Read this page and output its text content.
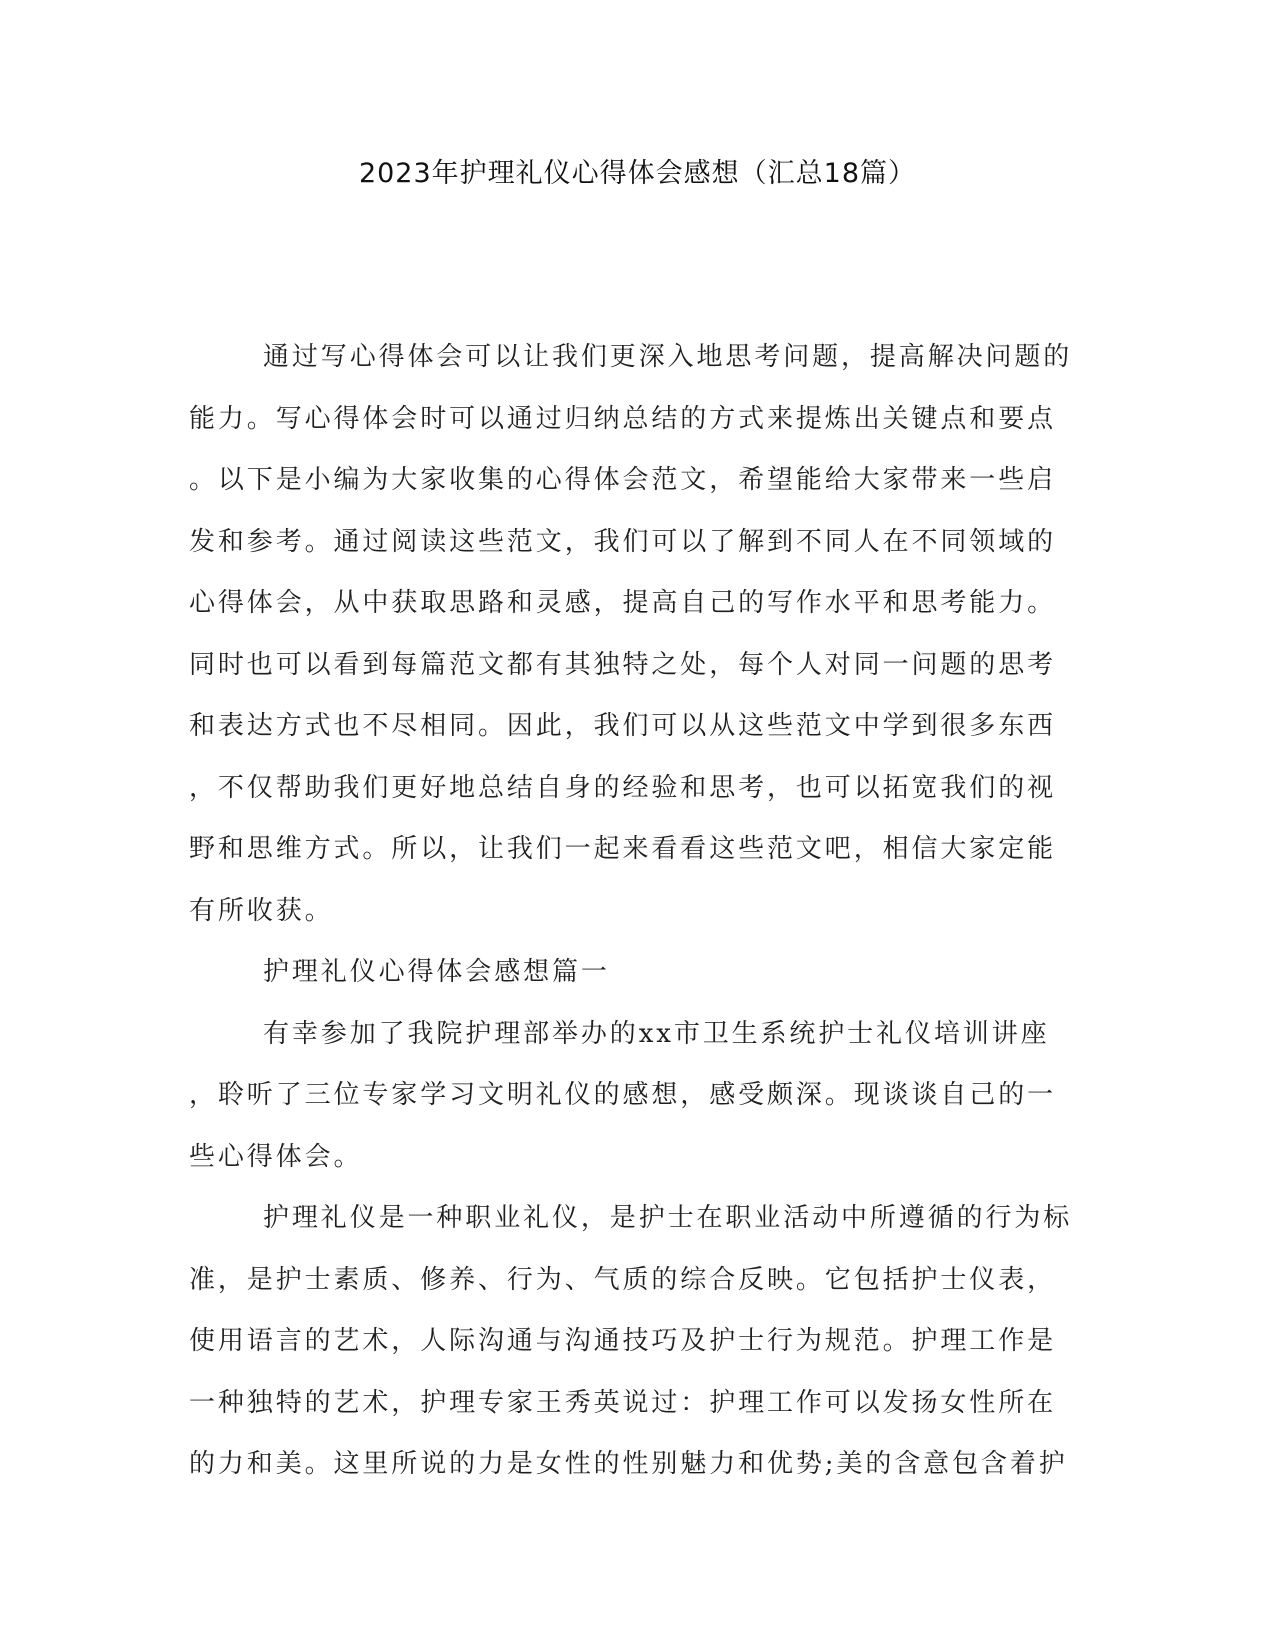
2023年护理礼仪心得体会感想（汇总18篇）
通过写心得体会可以让我们更深入地思考问题，提高解决问题的
能力。写心得体会时可以通过归纳总结的方式来提炼出关键点和要点
。以下是小编为大家收集的心得体会范文，希望能给大家带来一些启
发和参考。通过阅读这些范文，我们可以了解到不同人在不同领域的
心得体会，从中获取思路和灵感，提高自己的写作水平和思考能力。
同时也可以看到每篇范文都有其独特之处，每个人对同一问题的思考
和表达方式也不尽相同。因此，我们可以从这些范文中学到很多东西
，不仅帮助我们更好地总结自身的经验和思考，也可以拓宽我们的视
野和思维方式。所以，让我们一起来看看这些范文吧，相信大家定能
有所收获。
护理礼仪心得体会感想篇一
有幸参加了我院护理部举办的xx市卫生系统护士礼仪培训讲座
，聆听了三位专家学习文明礼仪的感想，感受颇深。现谈谈自己的一
些心得体会。
护理礼仪是一种职业礼仪，是护士在职业活动中所遵循的行为标
准，是护士素质、修养、行为、气质的综合反映。它包括护士仪表，
使用语言的艺术，人际沟通与沟通技巧及护士行为规范。护理工作是
一种独特的艺术，护理专家王秀英说过：护理工作可以发扬女性所在
的力和美。这里所说的力是女性的性别魅力和优势;美的含意包含着护
